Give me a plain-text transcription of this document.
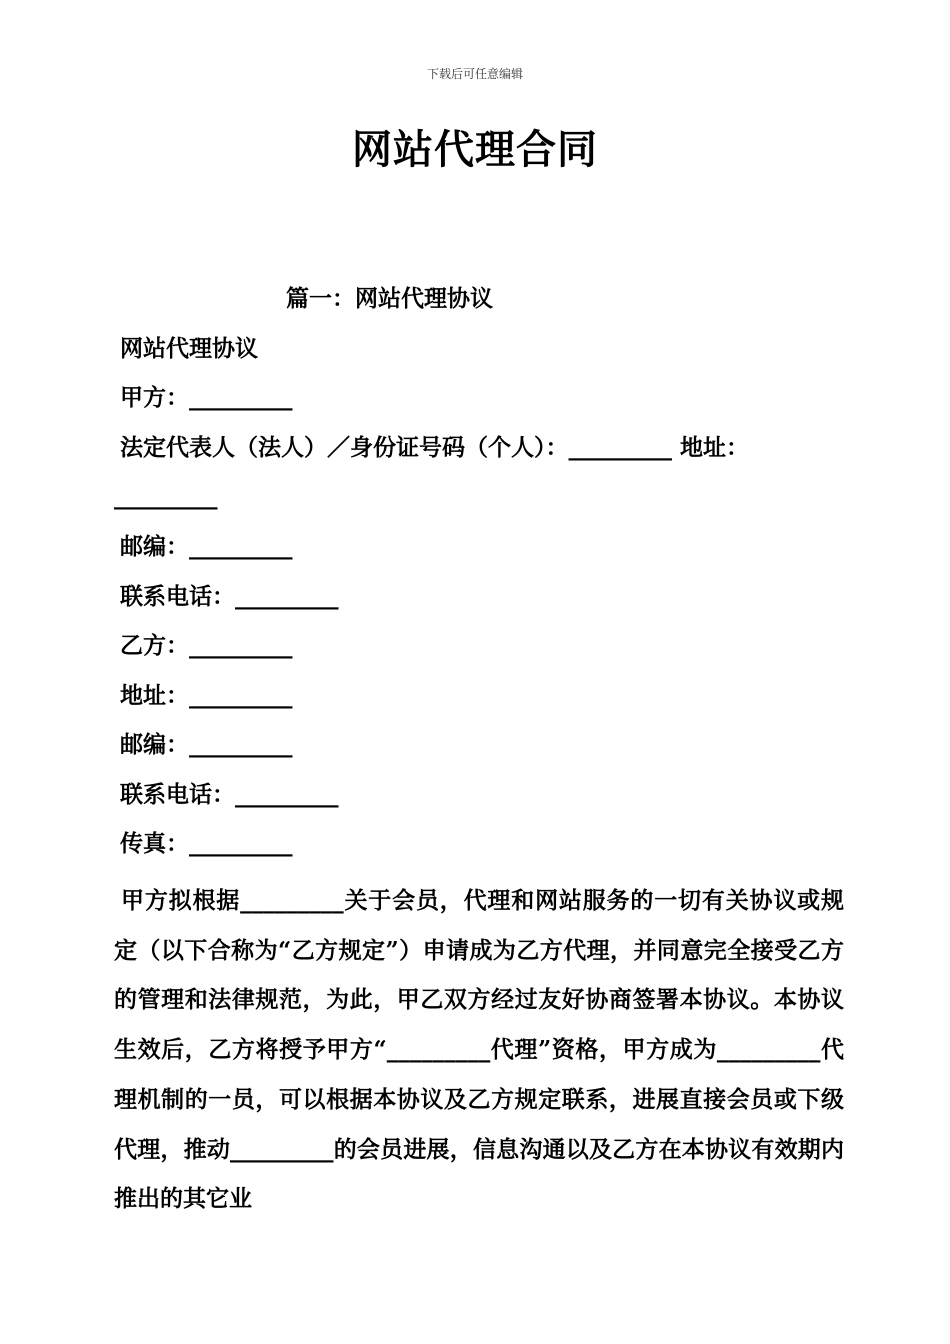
下载后可任意编辑
网站代理合同
篇一：网站代理协议
网站代理协议
甲方：_________
法定代表人（法人）／身份证号码（个人）：_________ 地址：
_________
邮编：_________
联系电话：_________
乙方：_________
地址：_________
邮编：_________
联系电话：_________
传真：_________
甲方拟根据_________关于会员，代理和网站服务的一切有关协议或规定（以下合称为“乙方规定”）申请成为乙方代理，并同意完全接受乙方的管理和法律规范，为此，甲乙双方经过友好协商签署本协议。本协议生效后，乙方将授予甲方“_________代理”资格，甲方成为_________代理机制的一员，可以根据本协议及乙方规定联系，进展直接会员或下级代理，推动_________的会员进展，信息沟通以及乙方在本协议有效期内推出的其它业
